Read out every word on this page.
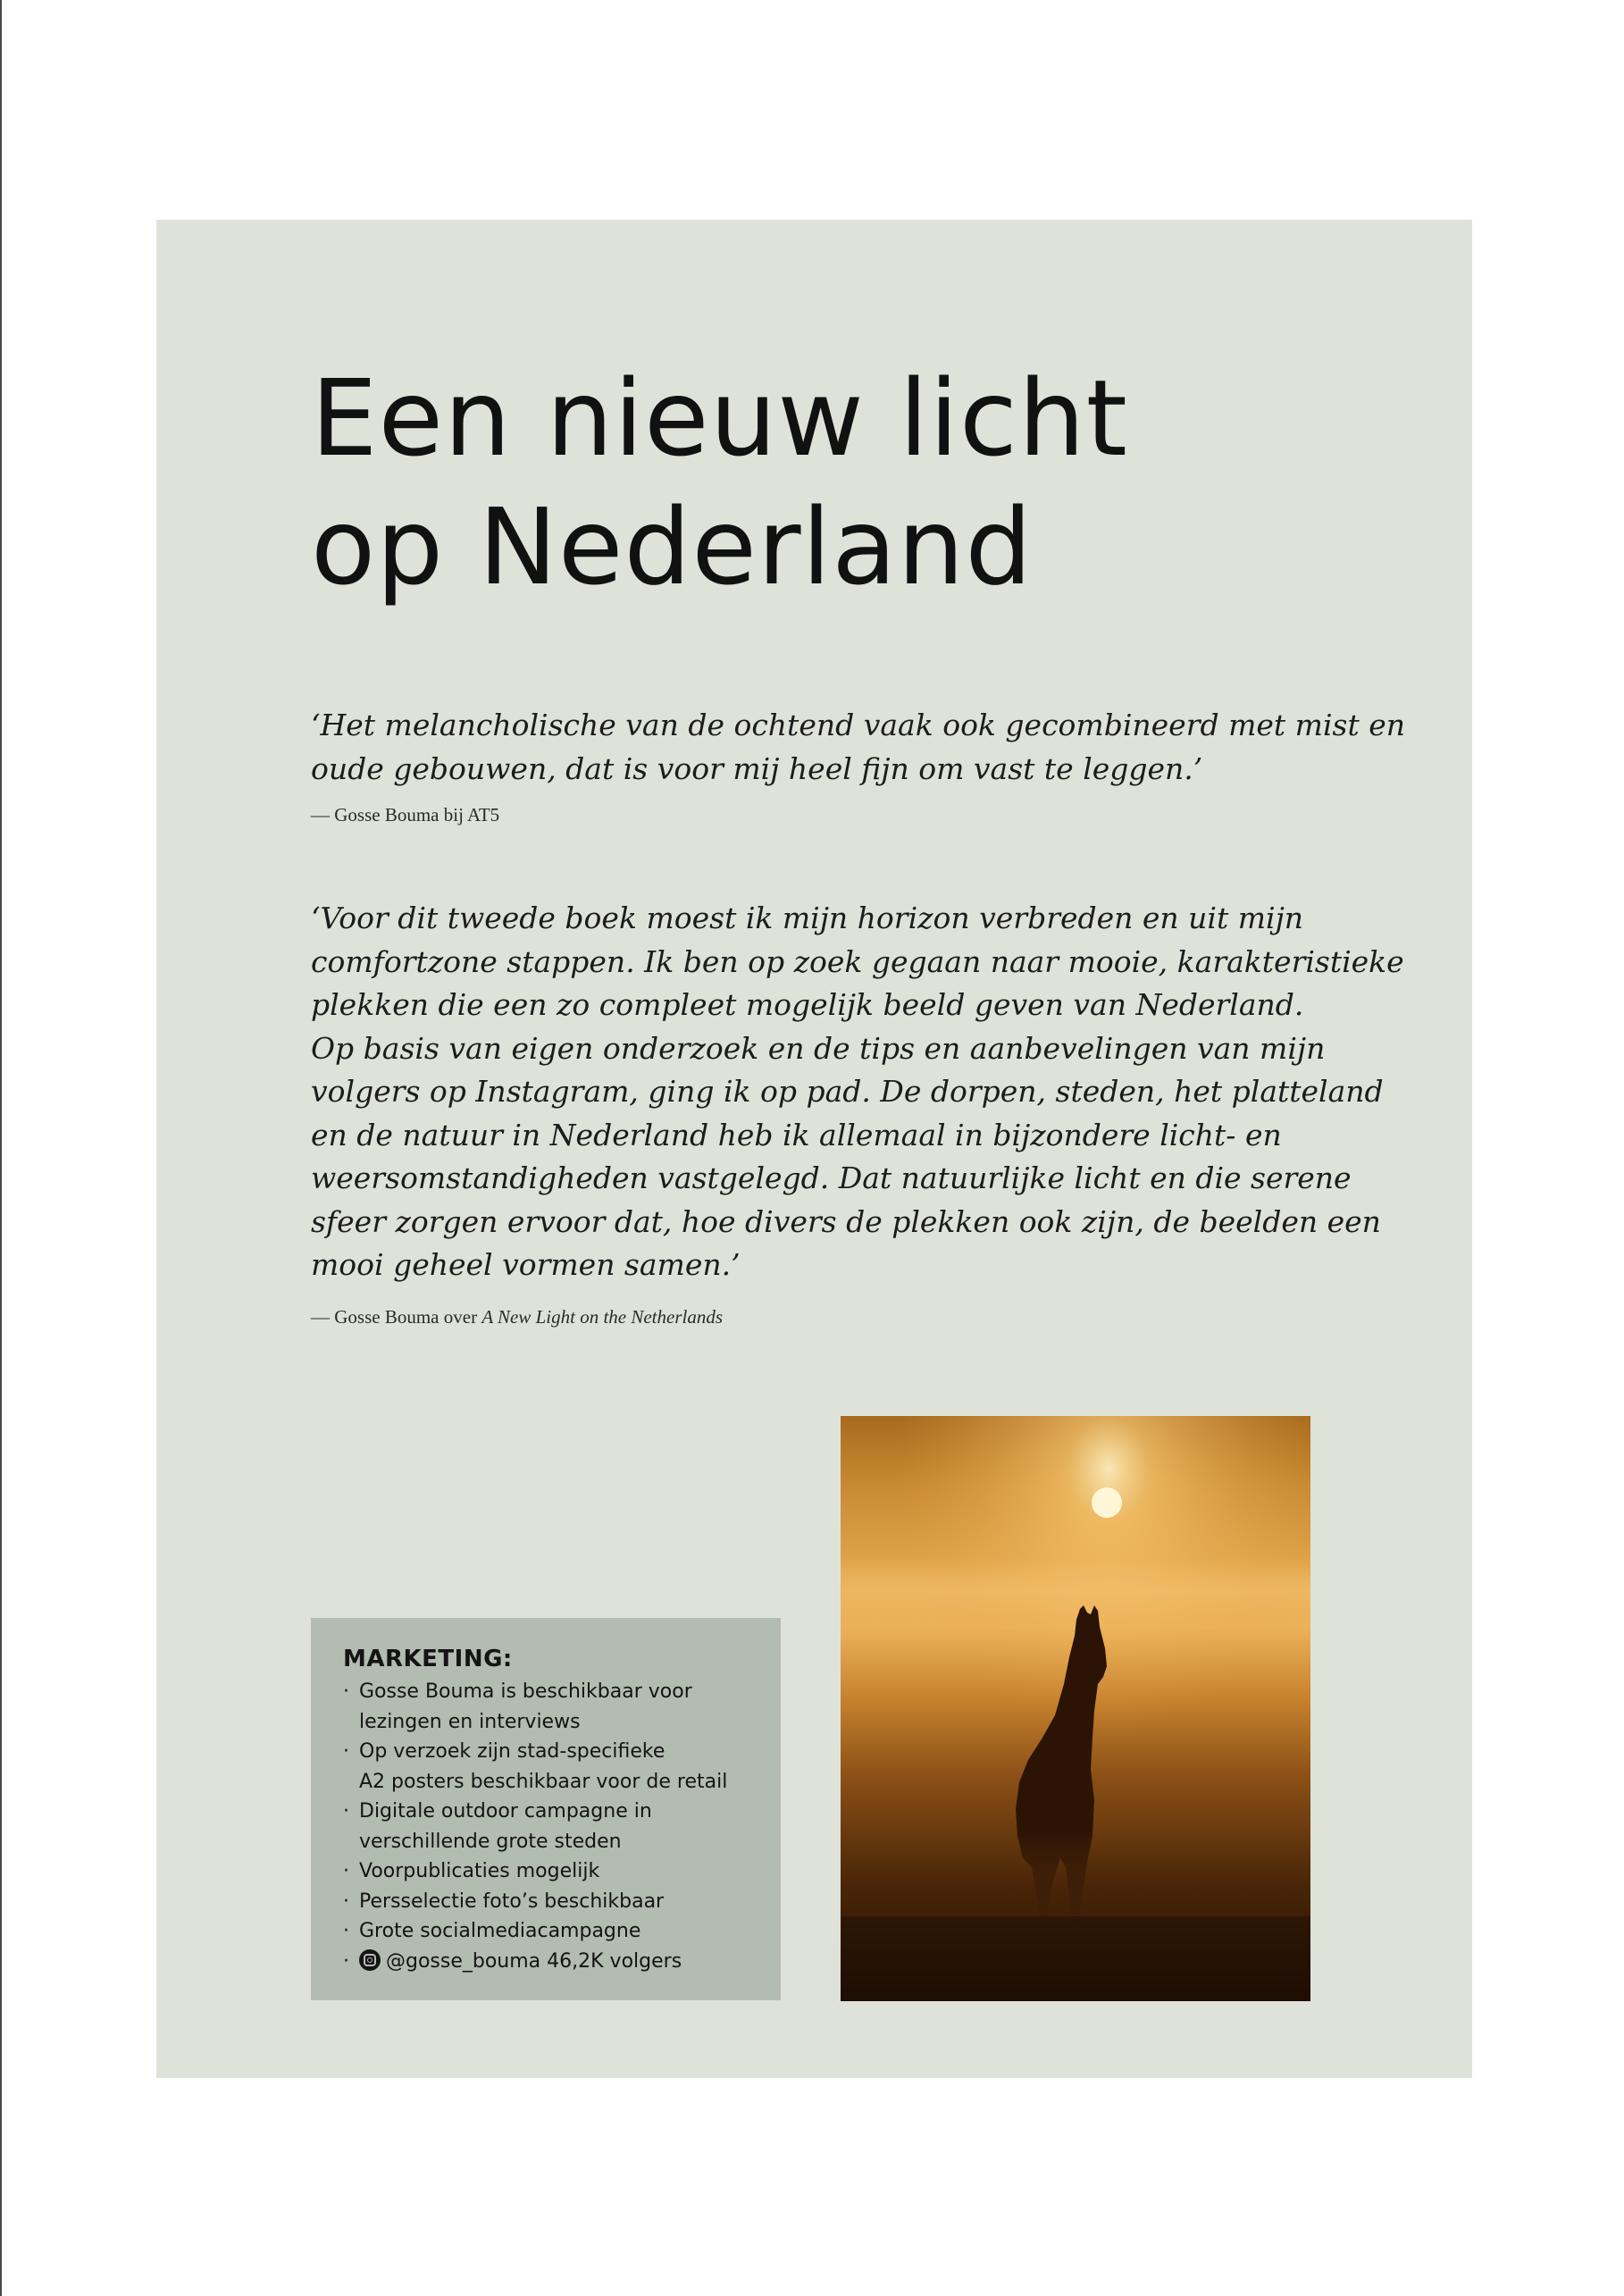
Een nieuw licht
op Nederland

‘Het melancholische van de ochtend vaak ook gecombineerd met mist en
oude gebouwen, dat is voor mij heel fijn om vast te leggen.’

— Gosse Bouma bij AT5

‘Voor dit tweede boek moest ik mijn horizon verbreden en uit mijn
comfortzone stappen. Ik ben op zoek gegaan naar mooie, karakteristieke
plekken die een zo compleet mogelijk beeld geven van Nederland.
Op basis van eigen onderzoek en de tips en aanbevelingen van mijn
volgers op Instagram, ging ik op pad. De dorpen, steden, het platteland
en de natuur in Nederland heb ik allemaal in bijzondere licht- en
weersomstandigheden vastgelegd. Dat natuurlijke licht en die serene
sfeer zorgen ervoor dat, hoe divers de plekken ook zijn, de beelden een
mooi geheel vormen samen.’

— Gosse Bouma over A New Light on the Netherlands

MARKETING:
· Gosse Bouma is beschikbaar voor
lezingen en interviews
· Op verzoek zijn stad-specifieke
A2 posters beschikbaar voor de retail
· Digitale outdoor campagne in
verschillende grote steden
· Voorpublicaties mogelijk
· Persselectie foto’s beschikbaar
· Grote socialmediacampagne
·	@gosse_bouma 46,2K volgers
